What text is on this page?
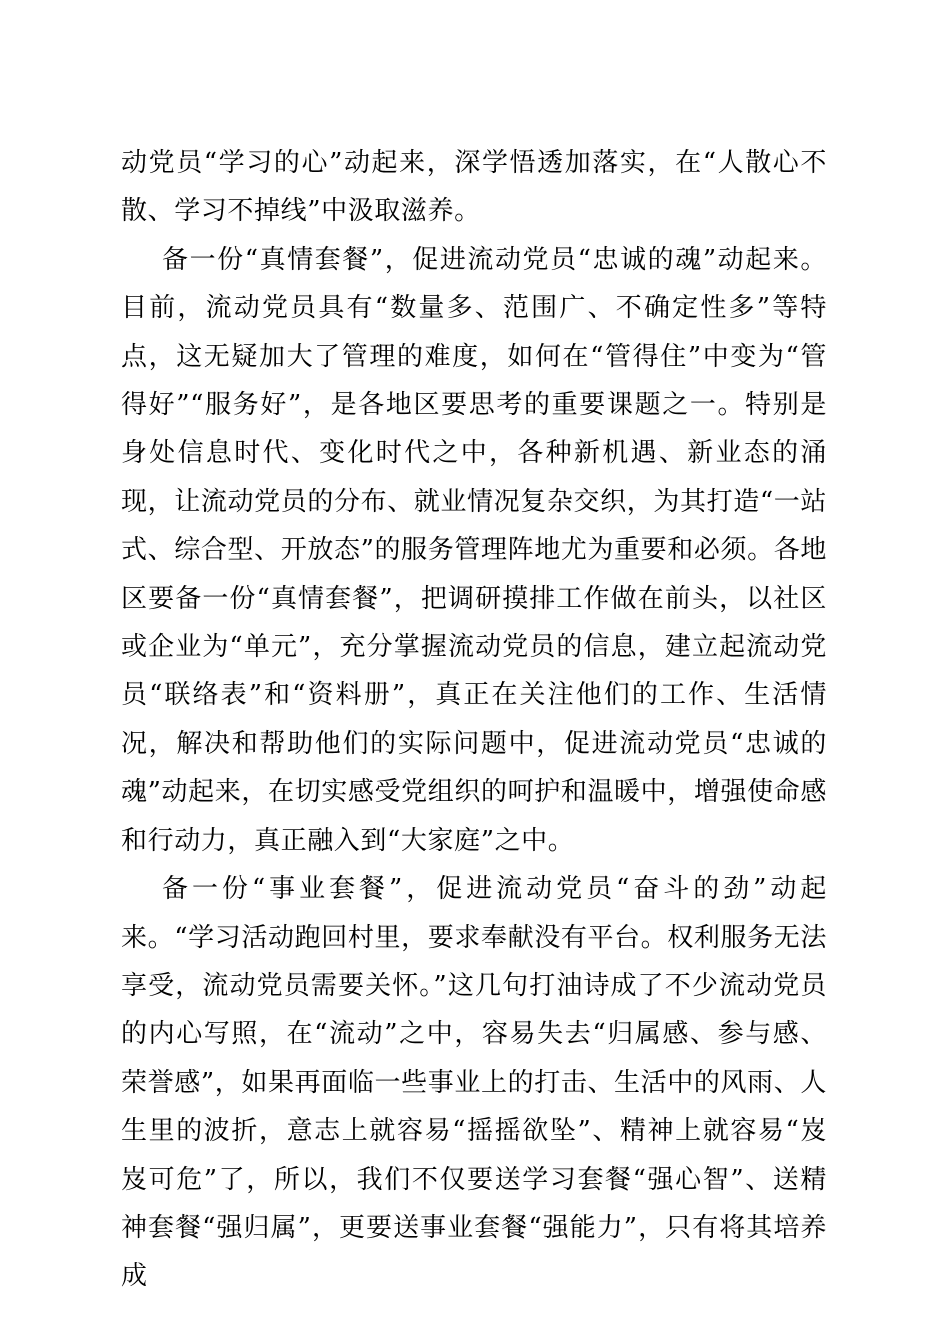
动党员“学习的心”动起来，深学悟透加落实，在“人散心不散、学习不掉线”中汲取滋养。

备一份“真情套餐”，促进流动党员“忠诚的魂”动起来。目前，流动党员具有“数量多、范围广、不确定性多”等特点，这无疑加大了管理的难度，如何在“管得住”中变为“管得好”“服务好”，是各地区要思考的重要课题之一。特别是身处信息时代、变化时代之中，各种新机遇、新业态的涌现，让流动党员的分布、就业情况复杂交织，为其打造“一站式、综合型、开放态”的服务管理阵地尤为重要和必须。各地区要备一份“真情套餐”，把调研摸排工作做在前头，以社区或企业为“单元”，充分掌握流动党员的信息，建立起流动党员“联络表”和“资料册”，真正在关注他们的工作、生活情况，解决和帮助他们的实际问题中，促进流动党员“忠诚的魂”动起来，在切实感受党组织的呵护和温暖中，增强使命感和行动力，真正融入到“大家庭”之中。

备一份“事业套餐”，促进流动党员“奋斗的劲”动起来。“学习活动跑回村里，要求奉献没有平台。权利服务无法享受，流动党员需要关怀。”这几句打油诗成了不少流动党员的内心写照，在“流动”之中，容易失去“归属感、参与感、荣誉感”，如果再面临一些事业上的打击、生活中的风雨、人生里的波折，意志上就容易“摇摇欲坠”、精神上就容易“岌岌可危”了，所以，我们不仅要送学习套餐“强心智”、送精神套餐“强归属”，更要送事业套餐“强能力”，只有将其培养成
